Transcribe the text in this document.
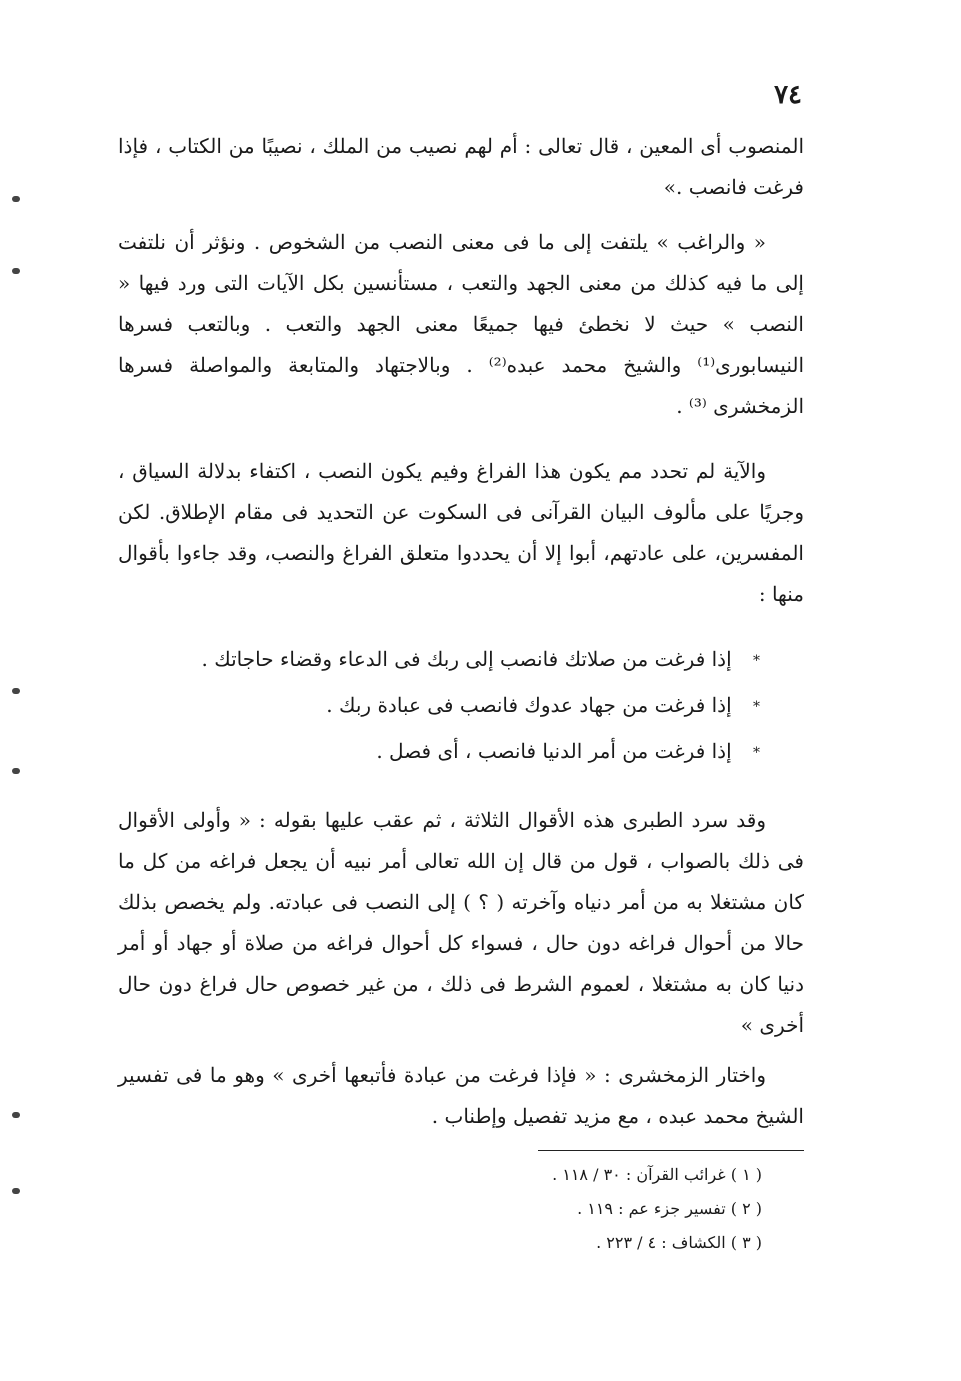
٧٤

المنصوب أى المعين ، قال تعالى : أم لهم نصيب من الملك ، نصيبًا من الكتاب ، فإذا فرغت فانصب .»

« والراغب » يلتفت إلى ما فى معنى النصب من الشخوص . ونؤثر أن نلتفت إلى ما فيه كذلك من معنى الجهد والتعب ، مستأنسين بكل الآيات التى ورد فيها « النصب » حيث لا نخطئ فيها جميعًا معنى الجهد والتعب . وبالتعب فسرها النيسابورى⁽¹⁾ والشيخ محمد عبده⁽²⁾ . وبالاجتهاد والمتابعة والمواصلة فسرها الزمخشرى ⁽³⁾ .

والآية لم تحدد مم يكون هذا الفراغ وفيم يكون النصب ، اكتفاء بدلالة السياق ، وجريًا على مألوف البيان القرآنى فى السكوت عن التحديد فى مقام الإطلاق. لكن المفسرين، على عادتهم، أبوا إلا أن يحددوا متعلق الفراغ والنصب، وقد جاءوا بأقوال منها :

* إذا فرغت من صلاتك فانصب إلى ربك فى الدعاء وقضاء حاجاتك .
* إذا فرغت من جهاد عدوك فانصب فى عبادة ربك .
* إذا فرغت من أمر الدنيا فانصب ، أى فصل .

وقد سرد الطبرى هذه الأقوال الثلاثة ، ثم عقب عليها بقوله : « وأولى الأقوال فى ذلك بالصواب ، قول من قال إن الله تعالى أمر نبيه أن يجعل فراغه من كل ما كان مشتغلا به من أمر دنياه وآخرته ( ؟ ) إلى النصب فى عبادته. ولم يخصص بذلك حالا من أحوال فراغه دون حال ، فسواء كل أحوال فراغه من صلاة أو جهاد أو أمر دنيا كان به مشتغلا ، لعموم الشرط فى ذلك ، من غير خصوص حال فراغ دون حال أخرى »

واختار الزمخشرى : « فإذا فرغت من عبادة فأتبعها أخرى » وهو ما فى تفسير الشيخ محمد عبده ، مع مزيد تفصيل وإطناب .

( ١ ) غرائب القرآن : ٣٠ / ١١٨ .
( ٢ ) تفسير جزء عم : ١١٩ .
( ٣ ) الكشاف : ٤ / ٢٢٣ .
